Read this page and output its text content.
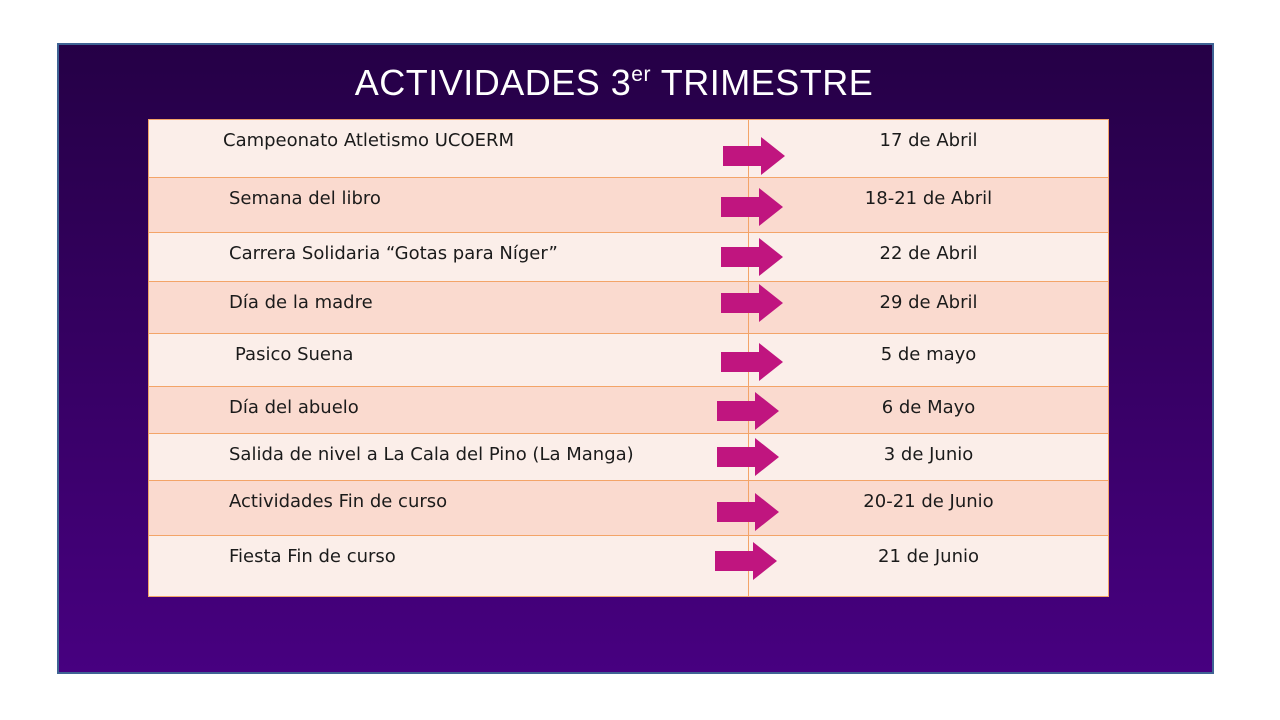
ACTIVIDADES 3er TRIMESTRE
Campeonato Atletismo UCOERM	17 de Abril
Semana del libro	18-21 de Abril
Carrera Solidaria “Gotas para Níger”	22 de Abril
Día de la madre	29 de Abril
Pasico Suena	5 de mayo
Día del abuelo	6 de Mayo
Salida de nivel a La Cala del Pino (La Manga)	3 de Junio
Actividades Fin de curso	20-21 de Junio
Fiesta Fin de curso	21 de Junio
